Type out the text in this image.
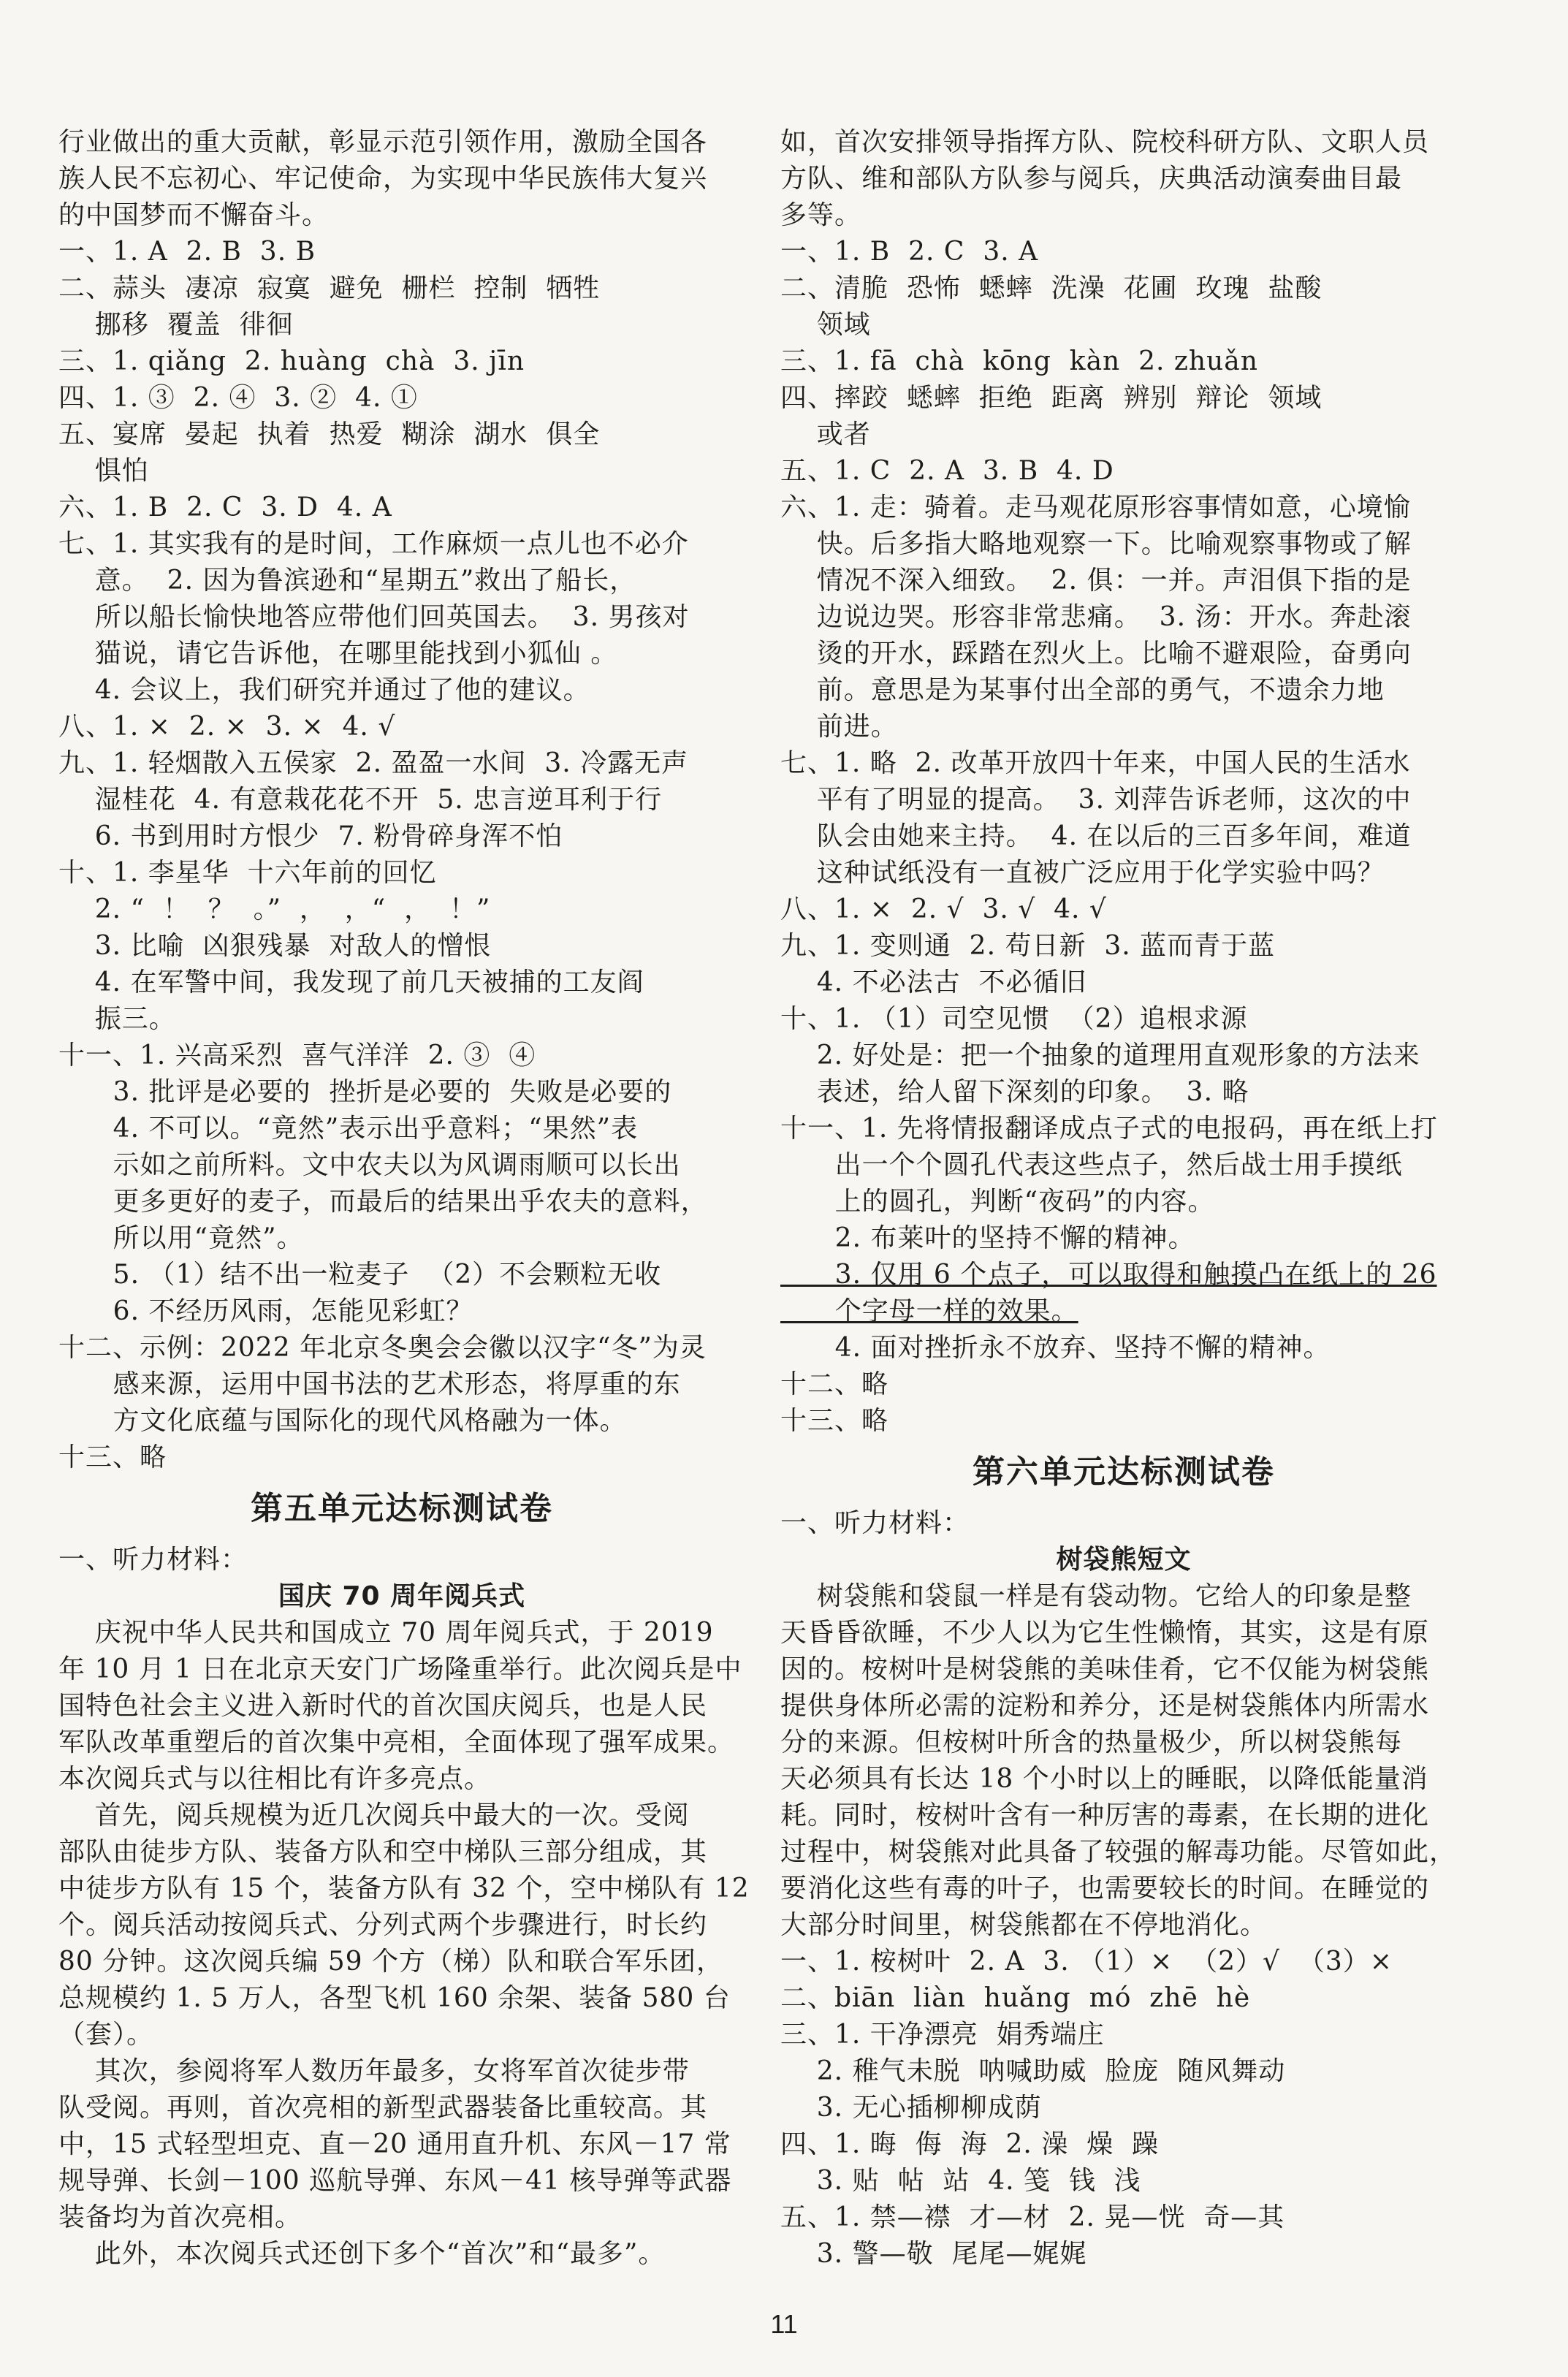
行业做出的重大贡献，彰显示范引领作用，激励全国各
族人民不忘初心、牢记使命，为实现中华民族伟大复兴
的中国梦而不懈奋斗。
一、1. A  2. B  3. B
二、蒜头  凄凉  寂寞  避免  栅栏  控制  牺牲
挪移  覆盖  徘徊
三、1. qiǎng  2. huàng  chà  3. jīn
四、1. ③  2. ④  3. ②  4. ①
五、宴席  晏起  执着  热爱  糊涂  湖水  俱全
惧怕
六、1. B  2. C  3. D  4. A
七、1. 其实我有的是时间，工作麻烦一点儿也不必介
意。  2. 因为鲁滨逊和“星期五”救出了船长，
所以船长愉快地答应带他们回英国去。  3. 男孩对
猫说，请它告诉他，在哪里能找到小狐仙 。
4. 会议上，我们研究并通过了他的建议。
八、1. ×  2. ×  3. ×  4. √
九、1. 轻烟散入五侯家  2. 盈盈一水间  3. 冷露无声
湿桂花  4. 有意栽花花不开  5. 忠言逆耳利于行
6. 书到用时方恨少  7. 粉骨碎身浑不怕
十、1. 李星华  十六年前的回忆
2. “  ！  ？  。”  ，  ，“  ，  ！”
3. 比喻  凶狠残暴  对敌人的憎恨
4. 在军警中间，我发现了前几天被捕的工友阎
振三。
十一、1. 兴高采烈  喜气洋洋  2. ③  ④
3. 批评是必要的  挫折是必要的  失败是必要的
4. 不可以。“竟然”表示出乎意料；“果然”表
示如之前所料。文中农夫以为风调雨顺可以长出
更多更好的麦子，而最后的结果出乎农夫的意料，
所以用“竟然”。
5. （1）结不出一粒麦子  （2）不会颗粒无收
6. 不经历风雨，怎能见彩虹？
十二、示例：2022 年北京冬奥会会徽以汉字“冬”为灵
感来源，运用中国书法的艺术形态，将厚重的东
方文化底蕴与国际化的现代风格融为一体。
十三、略
第五单元达标测试卷
一、听力材料：
国庆 70 周年阅兵式
庆祝中华人民共和国成立 70 周年阅兵式，于 2019
年 10 月 1 日在北京天安门广场隆重举行。此次阅兵是中
国特色社会主义进入新时代的首次国庆阅兵，也是人民
军队改革重塑后的首次集中亮相，全面体现了强军成果。
本次阅兵式与以往相比有许多亮点。
首先，阅兵规模为近几次阅兵中最大的一次。受阅
部队由徒步方队、装备方队和空中梯队三部分组成，其
中徒步方队有 15 个，装备方队有 32 个，空中梯队有 12
个。阅兵活动按阅兵式、分列式两个步骤进行，时长约
80 分钟。这次阅兵编 59 个方（梯）队和联合军乐团，
总规模约 1. 5 万人，各型飞机 160 余架、装备 580 台
（套）。
其次，参阅将军人数历年最多，女将军首次徒步带
队受阅。再则，首次亮相的新型武器装备比重较高。其
中，15 式轻型坦克、直－20 通用直升机、东风－17 常
规导弹、长剑－100 巡航导弹、东风－41 核导弹等武器
装备均为首次亮相。
此外，本次阅兵式还创下多个“首次”和“最多”。
如，首次安排领导指挥方队、院校科研方队、文职人员
方队、维和部队方队参与阅兵，庆典活动演奏曲目最
多等。
一、1. B  2. C  3. A
二、清脆  恐怖  蟋蟀  洗澡  花圃  玫瑰  盐酸
领域
三、1. fā  chà  kōng  kàn  2. zhuǎn
四、摔跤  蟋蟀  拒绝  距离  辨别  辩论  领域
或者
五、1. C  2. A  3. B  4. D
六、1. 走：骑着。走马观花原形容事情如意，心境愉
快。后多指大略地观察一下。比喻观察事物或了解
情况不深入细致。  2. 俱：一并。声泪俱下指的是
边说边哭。形容非常悲痛。  3. 汤：开水。奔赴滚
烫的开水，踩踏在烈火上。比喻不避艰险，奋勇向
前。意思是为某事付出全部的勇气，不遗余力地
前进。
七、1. 略  2. 改革开放四十年来，中国人民的生活水
平有了明显的提高。  3. 刘萍告诉老师，这次的中
队会由她来主持。  4. 在以后的三百多年间，难道
这种试纸没有一直被广泛应用于化学实验中吗？
八、1. ×  2. √  3. √  4. √
九、1. 变则通  2. 苟日新  3. 蓝而青于蓝
4. 不必法古  不必循旧
十、1. （1）司空见惯  （2）追根求源
2. 好处是：把一个抽象的道理用直观形象的方法来
表述，给人留下深刻的印象。  3. 略
十一、1. 先将情报翻译成点子式的电报码，再在纸上打
出一个个圆孔代表这些点子，然后战士用手摸纸
上的圆孔，判断“夜码”的内容。
2. 布莱叶的坚持不懈的精神。
3. 仅用 6 个点子，可以取得和触摸凸在纸上的 26
个字母一样的效果。
4. 面对挫折永不放弃、坚持不懈的精神。
十二、略
十三、略
第六单元达标测试卷
一、听力材料：
树袋熊短文
树袋熊和袋鼠一样是有袋动物。它给人的印象是整
天昏昏欲睡，不少人以为它生性懒惰，其实，这是有原
因的。桉树叶是树袋熊的美味佳肴，它不仅能为树袋熊
提供身体所必需的淀粉和养分，还是树袋熊体内所需水
分的来源。但桉树叶所含的热量极少，所以树袋熊每
天必须具有长达 18 个小时以上的睡眠，以降低能量消
耗。同时，桉树叶含有一种厉害的毒素，在长期的进化
过程中，树袋熊对此具备了较强的解毒功能。尽管如此，
要消化这些有毒的叶子，也需要较长的时间。在睡觉的
大部分时间里，树袋熊都在不停地消化。
一、1. 桉树叶  2. A  3. （1）×  （2）√  （3）×
二、biān  liàn  huǎng  mó  zhē  hè
三、1. 干净漂亮  娟秀端庄
2. 稚气未脱  呐喊助威  脸庞  随风舞动
3. 无心插柳柳成荫
四、1. 晦  侮  海  2. 澡  燥  躁
3. 贴  帖  站  4. 笺  钱  浅
五、1. 禁—襟  才—材  2. 晃—恍  奇—其
3. 警—敬  尾尾—娓娓
11
